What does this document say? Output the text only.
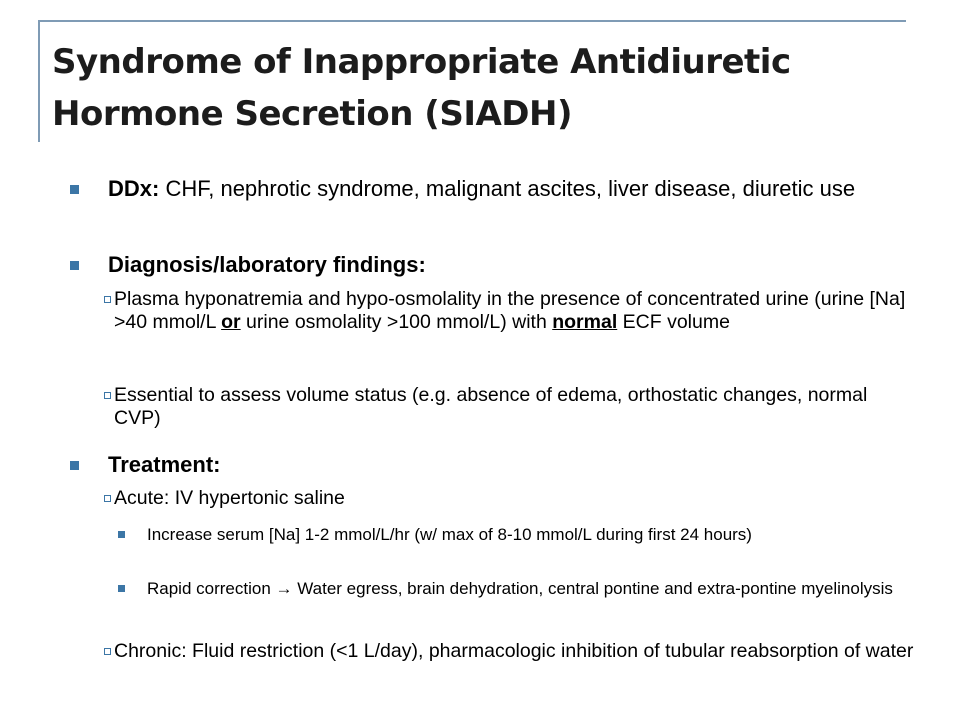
Syndrome of Inappropriate Antidiuretic
Hormone Secretion (SIADH)
DDx: CHF, nephrotic syndrome, malignant ascites, liver disease, diuretic use
Diagnosis/laboratory findings:
Plasma hyponatremia and hypo-osmolality in the presence of concentrated urine (urine [Na] >40 mmol/L or urine osmolality >100 mmol/L) with normal ECF volume
Essential to assess volume status (e.g. absence of edema, orthostatic changes, normal CVP)
Treatment:
Acute: IV hypertonic saline
Increase serum [Na] 1-2 mmol/L/hr (w/ max of 8-10 mmol/L during first 24 hours)
Rapid correction → Water egress, brain dehydration, central pontine and extra-pontine myelinolysis
Chronic: Fluid restriction (<1 L/day), pharmacologic inhibition of tubular reabsorption of water
